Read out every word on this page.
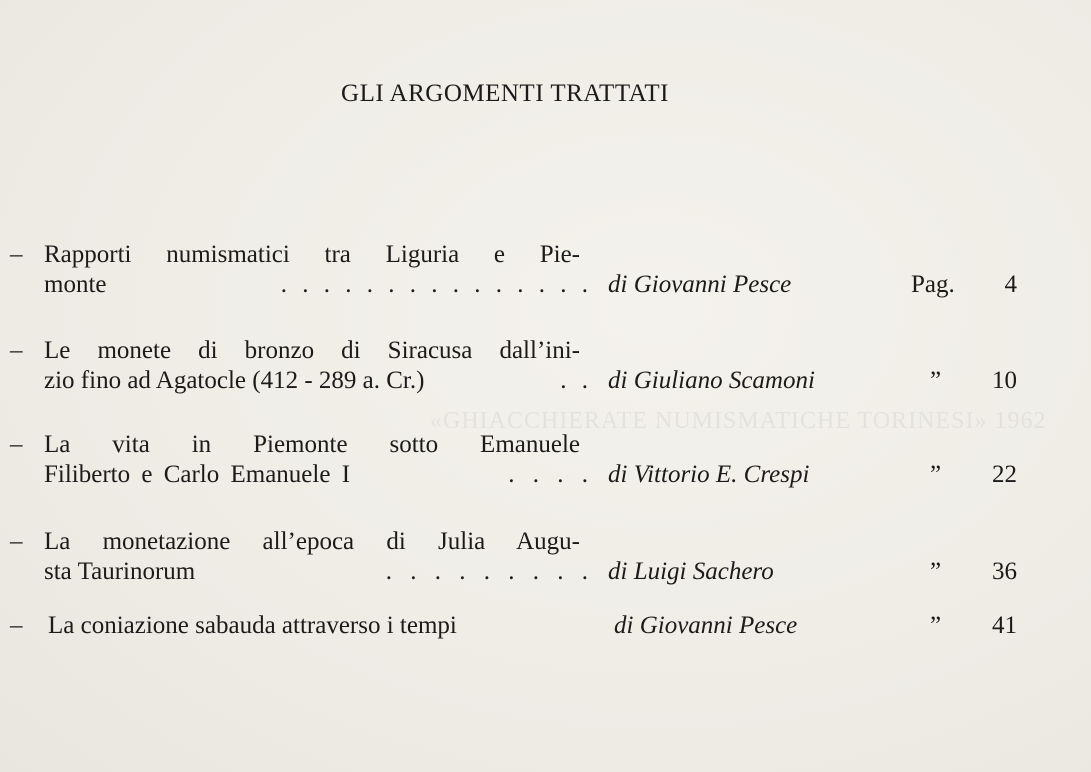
«GHIACCHIERATE NUMISMATICHE TORINESI» 1962
GLI ARGOMENTI TRATTATI
– Rapporti numismatici tra Liguria e Pie-
monte	. . . . . . . . . . . . . . . di Giovanni Pesce	Pag. 4
– Le monete di bronzo di Siracusa dall’ini-
zio fino ad Agatocle (412 - 289 a. Cr.)	. . di Giuliano Scamoni	” 10
– La vita in Piemonte sotto Emanuele
Filiberto e Carlo Emanuele I	. . . . di Vittorio E. Crespi	” 22
– La monetazione all’epoca di Julia Augu-
sta Taurinorum	. . . . . . . . . di Luigi Sachero	” 36
–	La coniazione sabauda attraverso i tempi	di Giovanni Pesce	” 41
